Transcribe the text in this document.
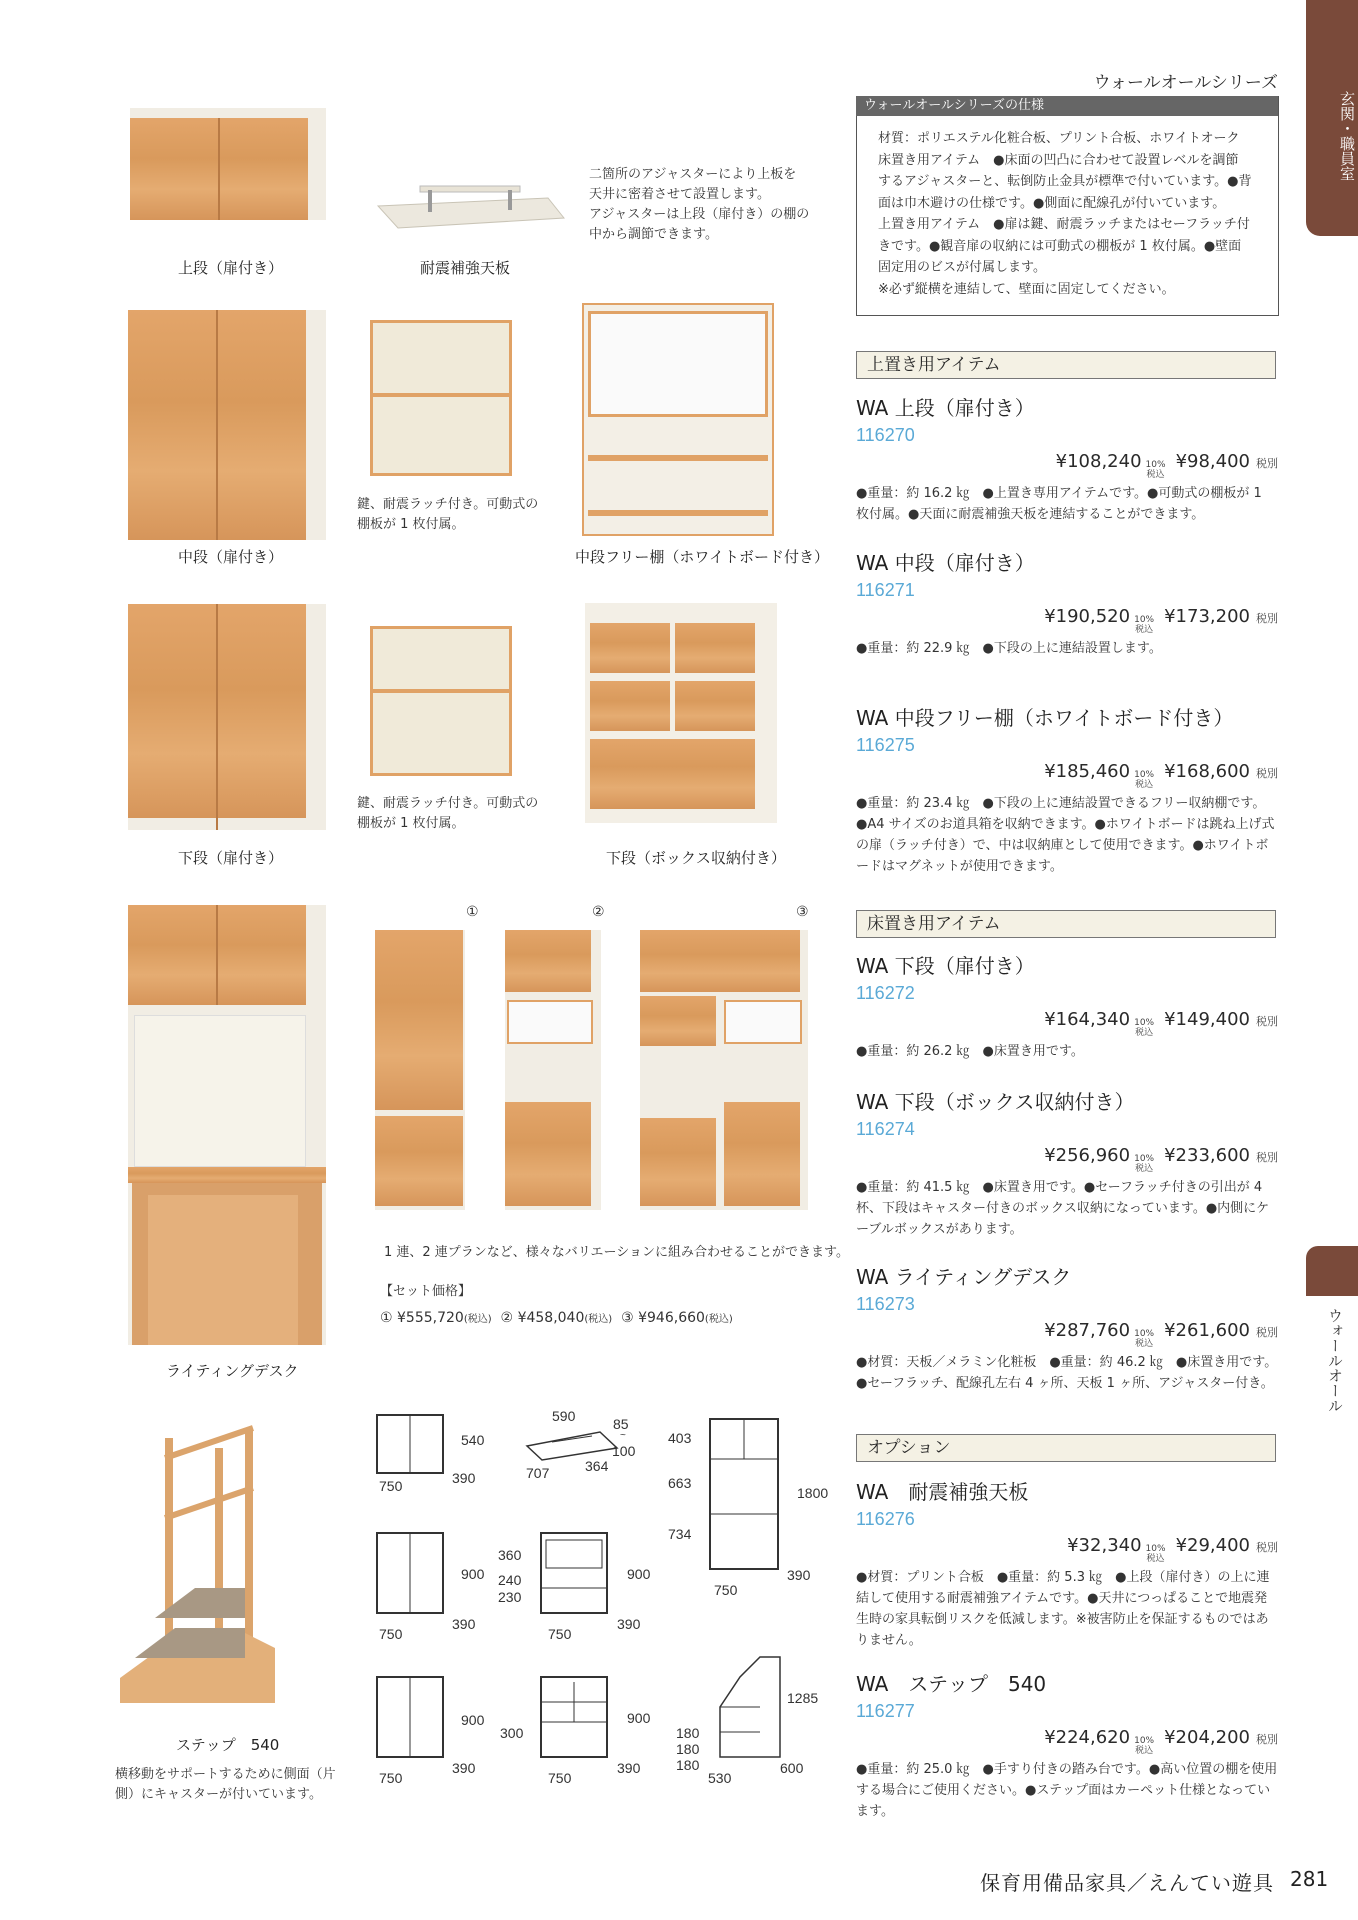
上段（扉付き）	耐震補強天板
二箇所のアジャスターにより上板を
天井に密着させて設置します。
アジャスターは上段（扉付き）の棚の
中から調節できます。
鍵、耐震ラッチ付き。可動式の
棚板が 1 枚付属。
中段（扉付き）	中段フリー棚（ホワイトボード付き）
鍵、耐震ラッチ付き。可動式の
棚板が 1 枚付属。
下段（扉付き）	下段（ボックス収納付き）
ライティングデスク
①	②	③
1 連、2 連プランなど、様々なバリエーションに組み合わせることができます。
【セット価格】
① ¥555,720(税込) ② ¥458,040(税込) ③ ¥946,660(税込)
ステップ　540
横移動をサポートするために側面（片
側）にキャスターが付いています。
540
750	390
590	85
~
100
707	364
403
663
734
1800
750
390
900
750
390
360
240
230
900
750
390
900
750
390
300
900
750
390
1285
180
180
180
530
600
ウォールオールシリーズ
ウォールオールシリーズの仕様
材質：ポリエステル化粧合板、プリント合板、ホワイトオーク
床置き用アイテム　●床面の凹凸に合わせて設置レベルを調節
するアジャスターと、転倒防止金具が標準で付いています。●背
面は巾木避けの仕様です。●側面に配線孔が付いています。
上置き用アイテム　●扉は鍵、耐震ラッチまたはセーフラッチ付
きです。●観音扉の収納には可動式の棚板が 1 枚付属。●壁面
固定用のビスが付属します。
※必ず縦横を連結して、壁面に固定してください。
上置き用アイテム
WA 上段（扉付き）
116270
¥108,240 10%
税込
¥98,400 税別
●重量：約 16.2 ㎏　●上置き専用アイテムです。●可動式の棚板が 1 枚付属。●天面に耐震補強天板を連結することができます。
WA 中段（扉付き）
116271
¥190,520 10%
税込
¥173,200 税別
●重量：約 22.9 ㎏　●下段の上に連結設置します。
WA 中段フリー棚（ホワイトボード付き）
116275
¥185,460 10%
税込
¥168,600 税別
●重量：約 23.4 ㎏　●下段の上に連結設置できるフリー収納棚です。●A4 サイズのお道具箱を収納できます。●ホワイトボードは跳ね上げ式の扉（ラッチ付き）で、中は収納庫として使用できます。●ホワイトボードはマグネットが使用できます。
床置き用アイテム
WA 下段（扉付き）
116272
¥164,340 10%
税込
¥149,400 税別
●重量：約 26.2 ㎏　●床置き用です。
WA 下段（ボックス収納付き）
116274
¥256,960 10%
税込
¥233,600 税別
●重量：約 41.5 ㎏　●床置き用です。●セーフラッチ付きの引出が 4 杯、下段はキャスター付きのボックス収納になっています。●内側にケーブルボックスがあります。
WA ライティングデスク
116273
¥287,760 10%
税込
¥261,600 税別
●材質：天板／メラミン化粧板　●重量：約 46.2 ㎏　●床置き用です。●セーフラッチ、配線孔左右 4 ヶ所、天板 1 ヶ所、アジャスター付き。
オプション
WA　耐震補強天板
116276
¥32,340 10%
税込
¥29,400 税別
●材質：プリント合板　●重量：約 5.3 ㎏　●上段（扉付き）の上に連結して使用する耐震補強アイテムです。●天井につっぱることで地震発生時の家具転倒リスクを低減します。※被害防止を保証するものではありません。
WA　ステップ　540
116277
¥224,620 10%
税込
¥204,200 税別
●重量：約 25.0 ㎏　●手すり付きの踏み台です。●高い位置の棚を使用する場合にご使用ください。●ステップ面はカーペット仕様となっています。
玄関・職員室
ウォールオール
保育用備品家具／えんてい遊具 281
